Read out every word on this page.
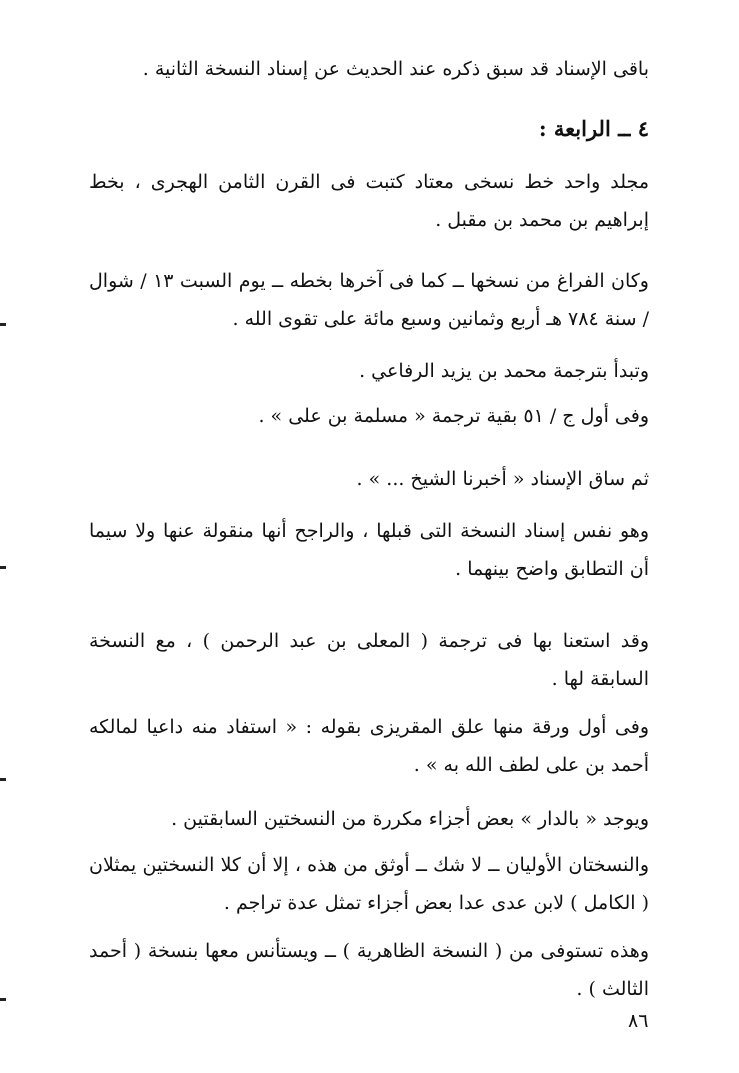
باقى الإسناد قد سبق ذكره عند الحديث عن إسناد النسخة الثانية .

٤ ــ الرابعة :

مجلد واحد خط نسخى معتاد كتبت فى القرن الثامن الهجرى ، بخط إبراهيم بن محمد بن مقبل .

وكان الفراغ من نسخها ــ كما فى آخرها بخطه ــ يوم السبت ١٣ / شوال / سنة ٧٨٤ هـ أربع وثمانين وسبع مائة على تقوى الله .

وتبدأ بترجمة محمد بن يزيد الرفاعي .

وفى أول ج / ٥١ بقية ترجمة « مسلمة بن على » .

ثم ساق الإسناد « أخبرنا الشيخ ... » .

وهو نفس إسناد النسخة التى قبلها ، والراجح أنها منقولة عنها ولا سيما أن التطابق واضح بينهما .

وقد استعنا بها فى ترجمة ( المعلى بن عبد الرحمن ) ، مع النسخة السابقة لها .

وفى أول ورقة منها علق المقريزى بقوله : « استفاد منه داعيا لمالكه أحمد بن على لطف الله به » .

ويوجد « بالدار » بعض أجزاء مكررة من النسختين السابقتين .

والنسختان الأوليان ــ لا شك ــ أوثق من هذه ، إلا أن كلا النسختين يمثلان ( الكامل ) لابن عدى عدا بعض أجزاء تمثل عدة تراجم .

وهذه تستوفى من ( النسخة الظاهرية ) ــ ويستأنس معها بنسخة ( أحمد الثالث ) .

٨٦
